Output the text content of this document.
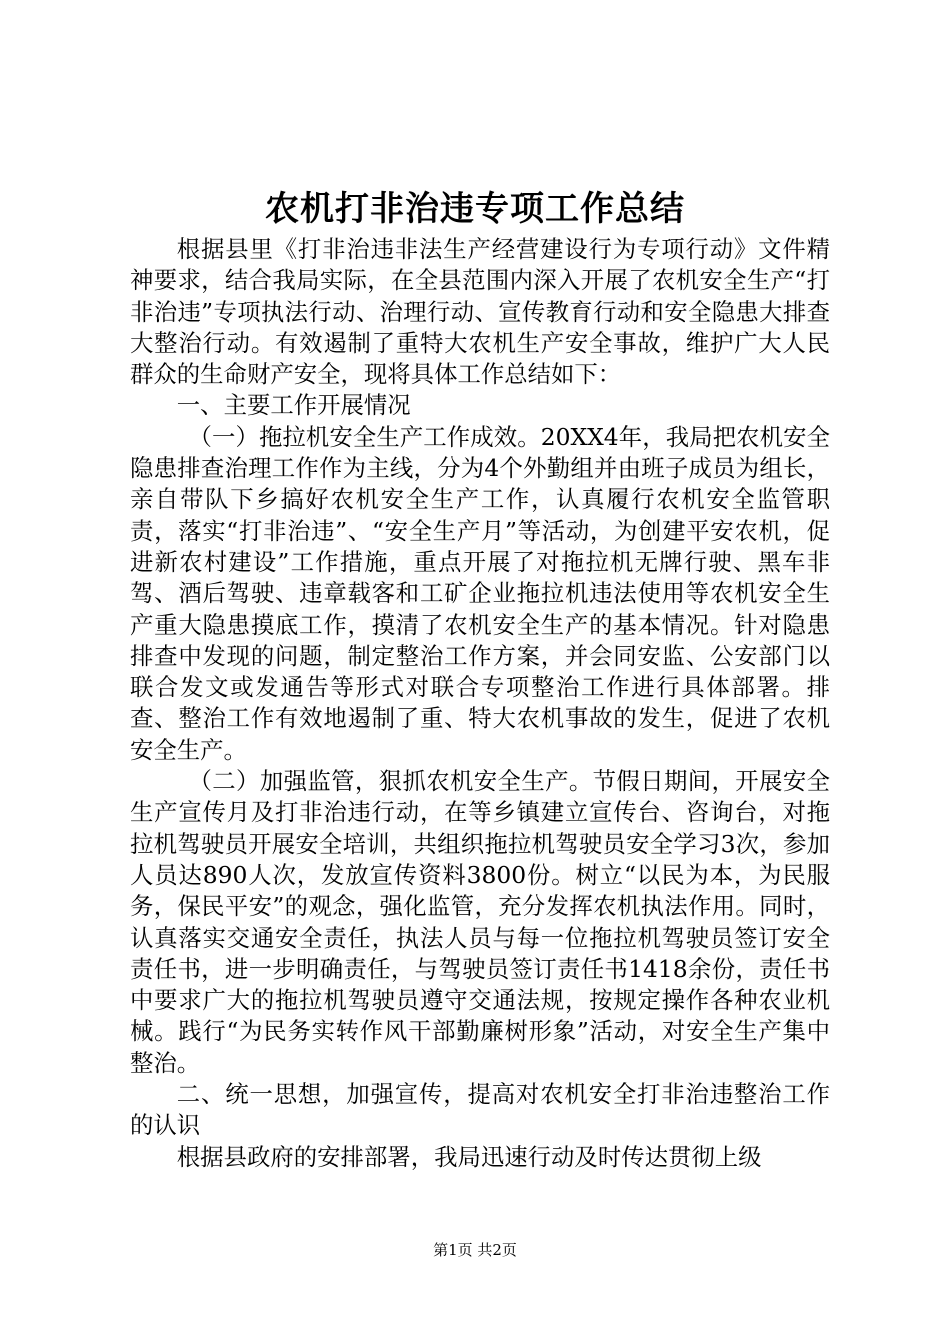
农机打非治违专项工作总结

根据县里《打非治违非法生产经营建设行为专项行动》文件精神要求，结合我局实际，在全县范围内深入开展了农机安全生产“打非治违”专项执法行动、治理行动、宣传教育行动和安全隐患大排查大整治行动。有效遏制了重特大农机生产安全事故，维护广大人民群众的生命财产安全，现将具体工作总结如下：

一、主要工作开展情况

（一）拖拉机安全生产工作成效。20XX4年，我局把农机安全隐患排查治理工作作为主线，分为4个外勤组并由班子成员为组长，亲自带队下乡搞好农机安全生产工作，认真履行农机安全监管职责，落实“打非治违”、“安全生产月”等活动，为创建平安农机，促进新农村建设”工作措施，重点开展了对拖拉机无牌行驶、黑车非驾、酒后驾驶、违章载客和工矿企业拖拉机违法使用等农机安全生产重大隐患摸底工作，摸清了农机安全生产的基本情况。针对隐患排查中发现的问题，制定整治工作方案，并会同安监、公安部门以联合发文或发通告等形式对联合专项整治工作进行具体部署。排查、整治工作有效地遏制了重、特大农机事故的发生，促进了农机安全生产。

（二）加强监管，狠抓农机安全生产。节假日期间，开展安全生产宣传月及打非治违行动，在等乡镇建立宣传台、咨询台，对拖拉机驾驶员开展安全培训，共组织拖拉机驾驶员安全学习3次，参加人员达890人次，发放宣传资料3800份。树立“以民为本，为民服务，保民平安”的观念，强化监管，充分发挥农机执法作用。同时，认真落实交通安全责任，执法人员与每一位拖拉机驾驶员签订安全责任书，进一步明确责任，与驾驶员签订责任书1418余份，责任书中要求广大的拖拉机驾驶员遵守交通法规，按规定操作各种农业机械。践行“为民务实转作风干部勤廉树形象”活动，对安全生产集中整治。

二、统一思想，加强宣传，提高对农机安全打非治违整治工作的认识

根据县政府的安排部署，我局迅速行动及时传达贯彻上级

第1页 共2页
